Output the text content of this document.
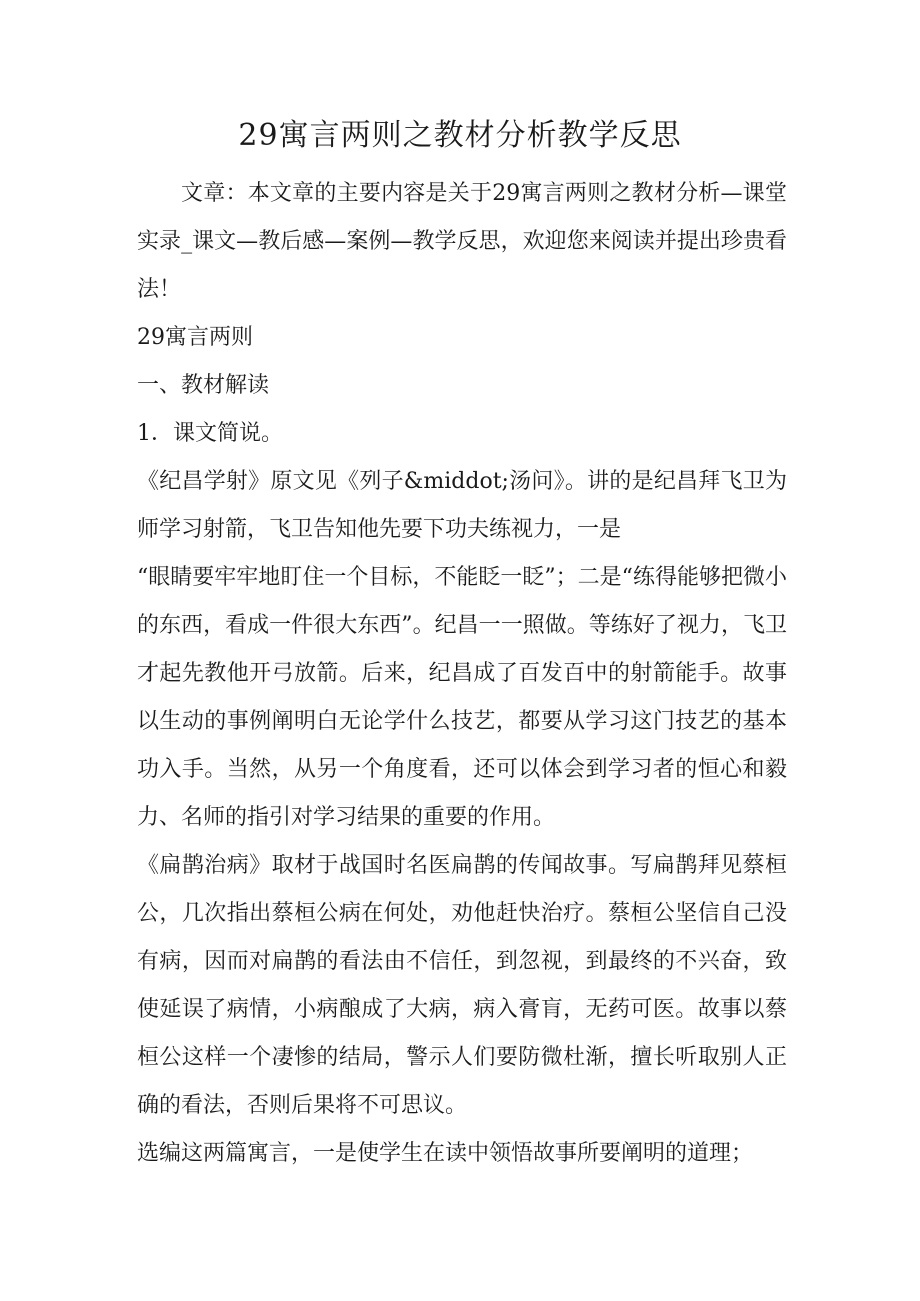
29寓言两则之教材分析教学反思

文章：本文章的主要内容是关于29寓言两则之教材分析—课堂实录_课文—教后感—案例—教学反思，欢迎您来阅读并提出珍贵看法！

29寓言两则

一、教材解读

1．课文简说。

《纪昌学射》原文见《列子&middot;汤问》。讲的是纪昌拜飞卫为师学习射箭，飞卫告知他先要下功夫练视力，一是

“眼睛要牢牢地盯住一个目标，不能眨一眨”；二是“练得能够把微小的东西，看成一件很大东西”。纪昌一一照做。等练好了视力，飞卫才起先教他开弓放箭。后来，纪昌成了百发百中的射箭能手。故事以生动的事例阐明白无论学什么技艺，都要从学习这门技艺的基本功入手。当然，从另一个角度看，还可以体会到学习者的恒心和毅力、名师的指引对学习结果的重要的作用。

《扁鹊治病》取材于战国时名医扁鹊的传闻故事。写扁鹊拜见蔡桓公，几次指出蔡桓公病在何处，劝他赶快治疗。蔡桓公坚信自己没有病，因而对扁鹊的看法由不信任，到忽视，到最终的不兴奋，致使延误了病情，小病酿成了大病，病入膏肓，无药可医。故事以蔡桓公这样一个凄惨的结局，警示人们要防微杜渐，擅长听取别人正确的看法，否则后果将不可思议。

选编这两篇寓言，一是使学生在读中领悟故事所要阐明的道理；
